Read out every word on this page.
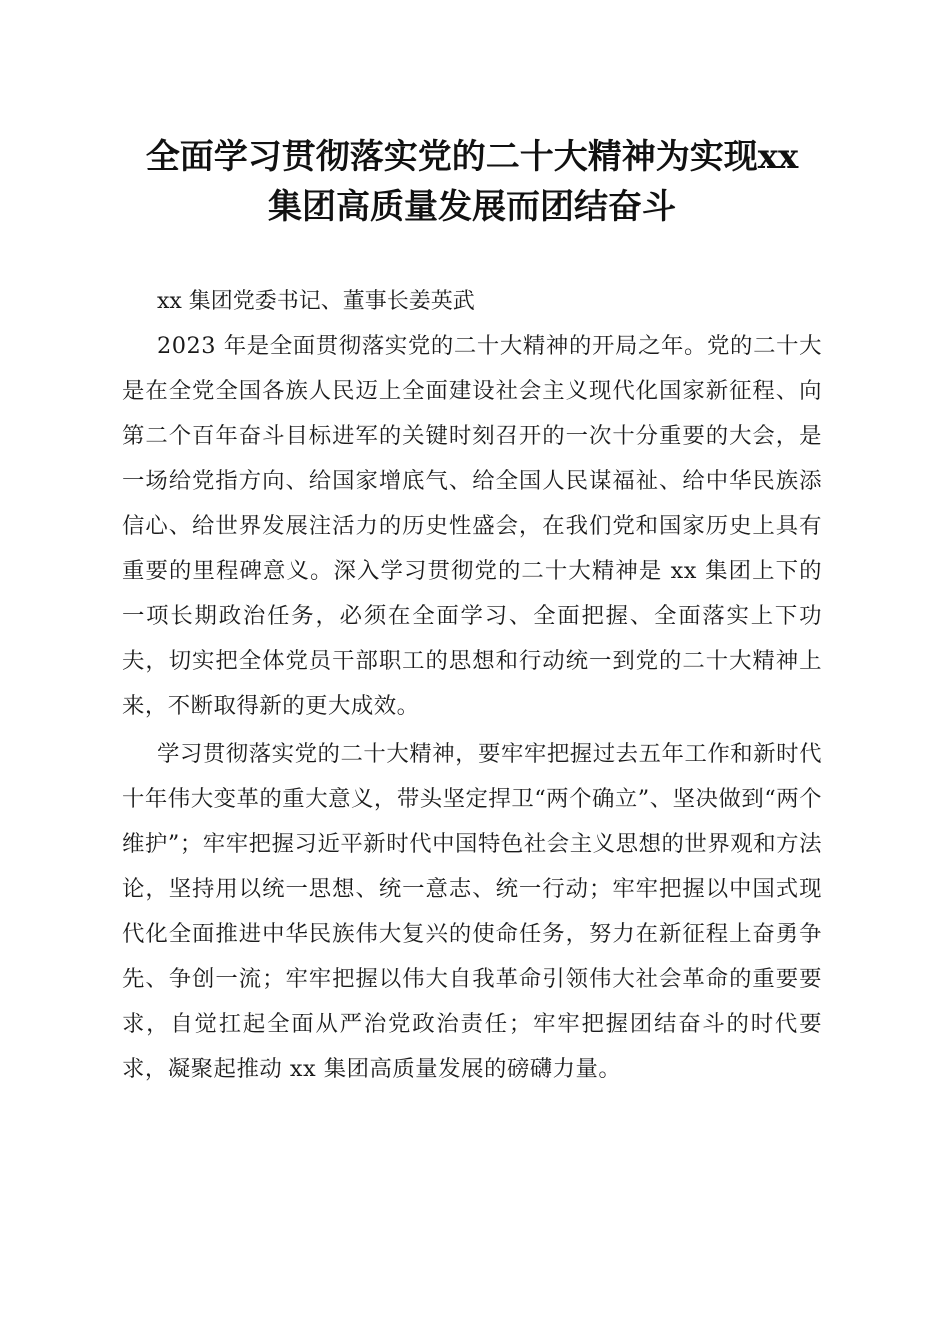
全面学习贯彻落实党的二十大精神为实现xx
集团高质量发展而团结奋斗

xx 集团党委书记、董事长姜英武

2023 年是全面贯彻落实党的二十大精神的开局之年。党的二十大是在全党全国各族人民迈上全面建设社会主义现代化国家新征程、向第二个百年奋斗目标进军的关键时刻召开的一次十分重要的大会，是一场给党指方向、给国家增底气、给全国人民谋福祉、给中华民族添信心、给世界发展注活力的历史性盛会，在我们党和国家历史上具有重要的里程碑意义。深入学习贯彻党的二十大精神是 xx 集团上下的一项长期政治任务，必须在全面学习、全面把握、全面落实上下功夫，切实把全体党员干部职工的思想和行动统一到党的二十大精神上来，不断取得新的更大成效。

学习贯彻落实党的二十大精神，要牢牢把握过去五年工作和新时代十年伟大变革的重大意义，带头坚定捍卫“两个确立”、坚决做到“两个维护”；牢牢把握习近平新时代中国特色社会主义思想的世界观和方法论，坚持用以统一思想、统一意志、统一行动；牢牢把握以中国式现代化全面推进中华民族伟大复兴的使命任务，努力在新征程上奋勇争先、争创一流；牢牢把握以伟大自我革命引领伟大社会革命的重要要求，自觉扛起全面从严治党政治责任；牢牢把握团结奋斗的时代要求，凝聚起推动 xx 集团高质量发展的磅礴力量。
